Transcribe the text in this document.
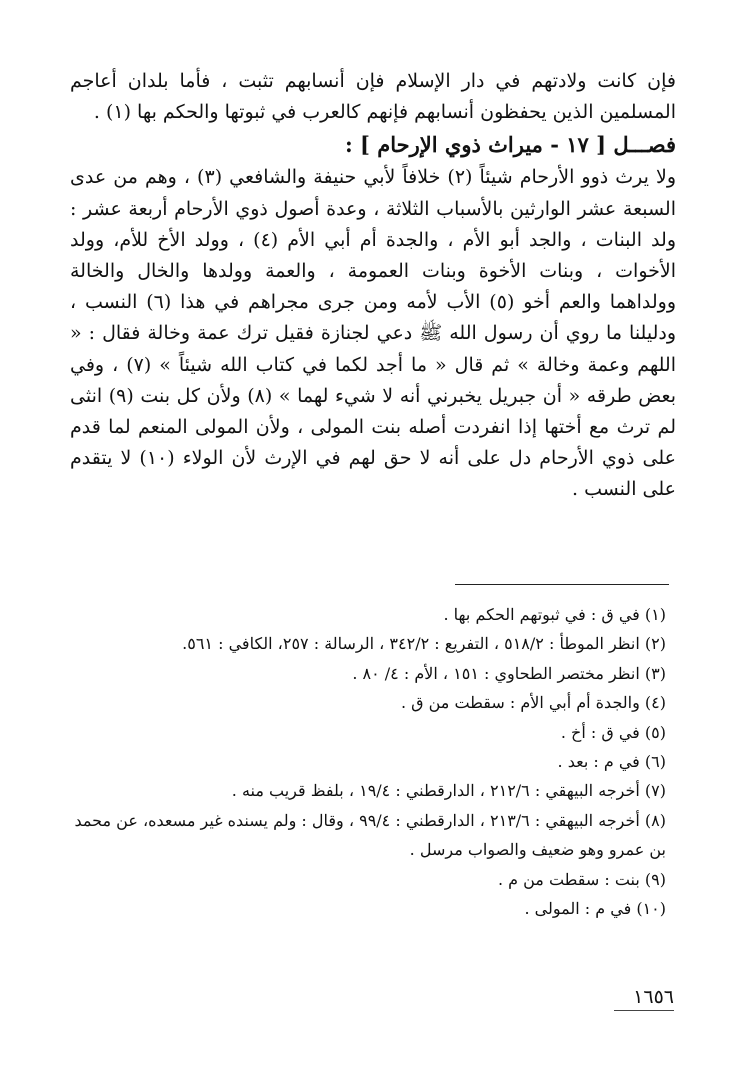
فإن كانت ولادتهم في دار الإسلام فإن أنسابهم تثبت ، فأما بلدان أعاجم المسلمين الذين يحفظون أنسابهم فإنهم كالعرب في ثبوتها والحكم بها (١) .

فصـــل [ ١٧ - ميراث ذوي الإرحام ] :

ولا يرث ذوو الأرحام شيئاً (٢) خلافاً لأبي حنيفة والشافعي (٣) ، وهم من عدى السبعة عشر الوارثين بالأسباب الثلاثة ، وعدة أصول ذوي الأرحام أربعة عشر : ولد البنات ، والجد أبو الأم ، والجدة أم أبي الأم (٤) ، وولد الأخ للأم، وولد الأخوات ، وبنات الأخوة وبنات العمومة ، والعمة وولدها والخال والخالة وولداهما والعم أخو (٥) الأب لأمه ومن جرى مجراهم في هذا (٦) النسب ، ودليلنا ما روي أن رسول الله ﷺ دعي لجنازة فقيل ترك عمة وخالة فقال : « اللهم وعمة وخالة » ثم قال « ما أجد لكما في كتاب الله شيئاً » (٧) ، وفي بعض طرقه « أن جبريل يخبرني أنه لا شيء لهما » (٨) ولأن كل بنت (٩) انثى لم ترث مع أختها إذا انفردت أصله بنت المولى ، ولأن المولى المنعم لما قدم على ذوي الأرحام دل على أنه لا حق لهم في الإرث لأن الولاء (١٠) لا يتقدم على النسب .

(١) في ق : في ثبوتهم الحكم بها .

(٢) انظر الموطأ : ٥١٨/٢ ، التفريع : ٣٤٢/٢ ، الرسالة : ٢٥٧، الكافي : ٥٦١.

(٣) انظر مختصر الطحاوي : ١٥١ ، الأم : ٤/ ٨٠ .

(٤) والجدة أم أبي الأم : سقطت من ق .

(٥) في ق : أخ .

(٦) في م : بعد .

(٧) أخرجه البيهقي : ٢١٢/٦ ، الدارقطني : ١٩/٤ ، بلفظ قريب منه .

(٨) أخرجه البيهقي : ٢١٣/٦ ، الدارقطني : ٩٩/٤ ، وقال : ولم يسنده غير مسعده، عن محمد بن عمرو وهو ضعيف والصواب مرسل .

(٩) بنت : سقطت من م .

(١٠) في م : المولى .

١٦٥٦
